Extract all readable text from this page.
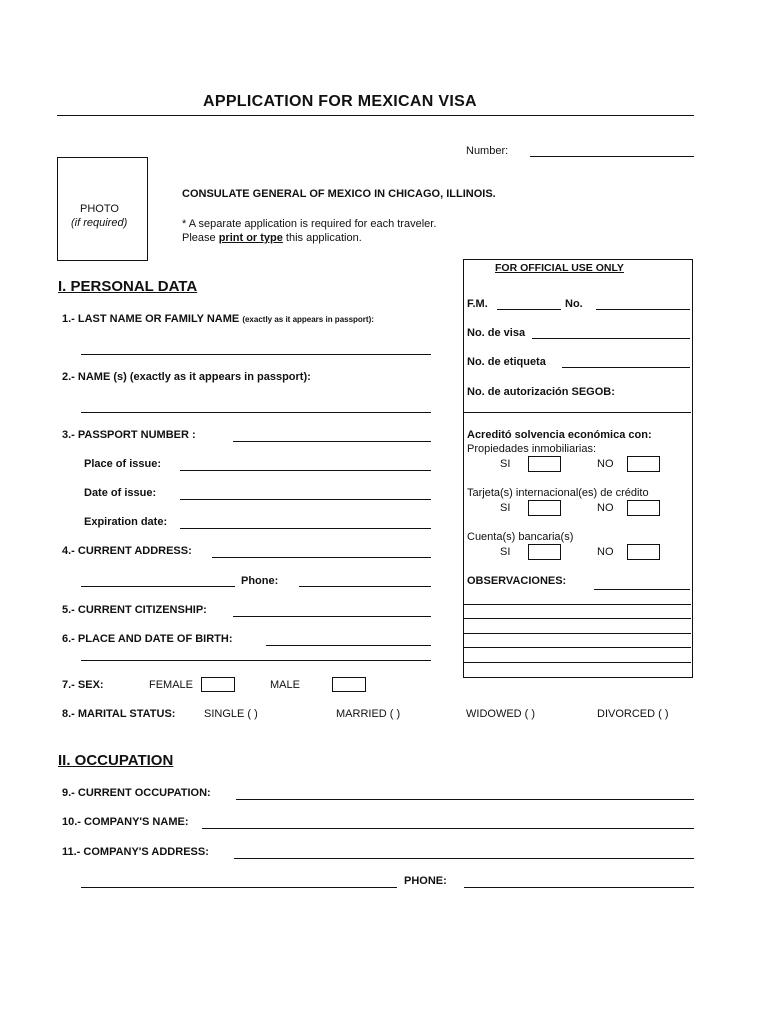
APPLICATION FOR MEXICAN VISA
Number:
PHOTO
(if required)
CONSULATE GENERAL OF MEXICO IN CHICAGO, ILLINOIS.
* A separate application is required for each traveler.
Please print or type this application.
I. PERSONAL DATA
1.- LAST NAME OR FAMILY NAME (exactly as it appears in passport):
2.- NAME (s) (exactly as it appears in passport):
3.- PASSPORT NUMBER :
Place of issue:
Date of issue:
Expiration date:
4.- CURRENT ADDRESS:
Phone:
5.- CURRENT CITIZENSHIP:
6.- PLACE AND DATE OF BIRTH:
7.- SEX:	FEMALE	MALE
8.- MARITAL STATUS:	SINGLE ( )	MARRIED ( )	WIDOWED ( )	DIVORCED ( )
FOR OFFICIAL USE ONLY
F.M.	No.
No. de visa
No. de etiqueta
No. de autorización SEGOB:
Acreditó solvencia económica con:
Propiedades inmobiliarias:
SI	NO
Tarjeta(s) internacional(es) de crédito
SI	NO
Cuenta(s) bancaria(s)
SI	NO
OBSERVACIONES:
II. OCCUPATION
9.- CURRENT OCCUPATION:
10.- COMPANY'S NAME:
11.- COMPANY'S ADDRESS:
PHONE:
